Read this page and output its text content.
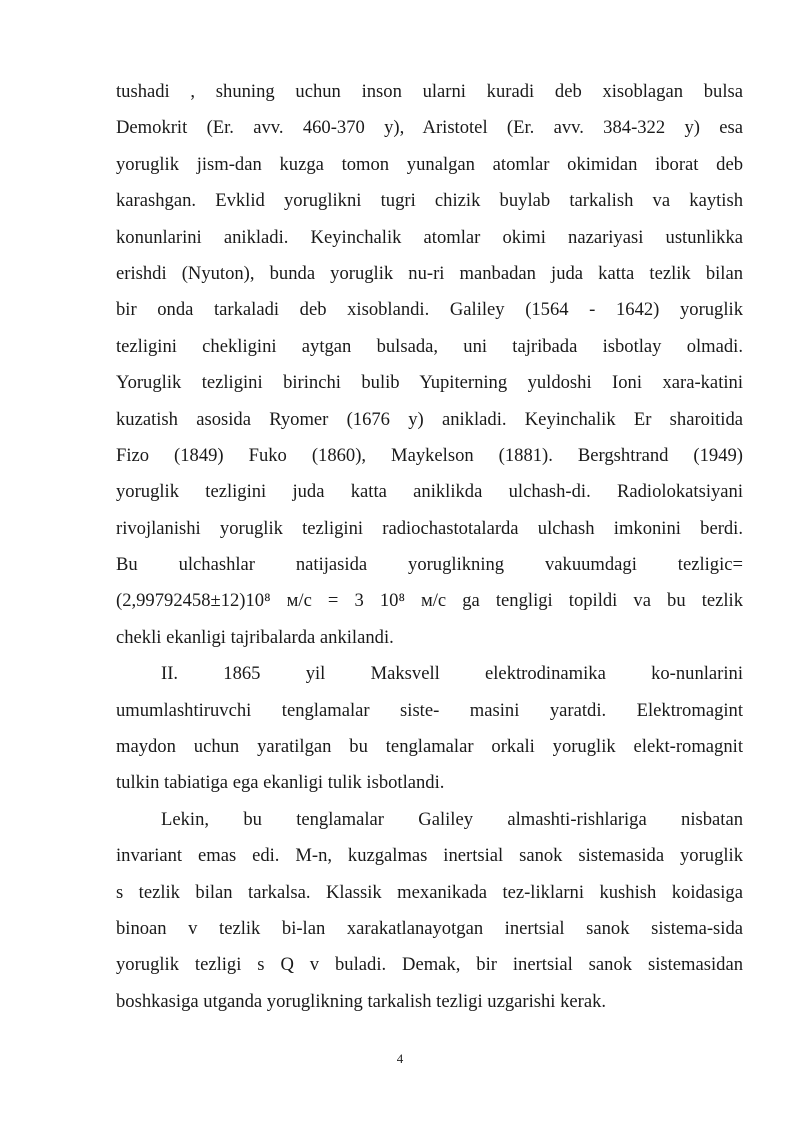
tushadi , shuning uchun inson ularni kuradi deb xisoblagan bulsa
Demokrit (Er. avv. 460-370 y), Aristotel (Er. avv. 384-322 y) esa
yoruglik jism-dan kuzga tomon yunalgan atomlar okimidan iborat deb
karashgan. Evklid yoruglikni tugri chizik buylab tarkalish va kaytish
konunlarini anikladi. Keyinchalik atomlar okimi nazariyasi ustunlikka
erishdi (Nyuton), bunda yoruglik nu-ri manbadan juda katta tezlik bilan
bir onda tarkaladi deb xisoblandi. Galiley (1564 - 1642) yoruglik
tezligini chekligini aytgan bulsada, uni tajribada isbotlay olmadi.
Yoruglik tezligini birinchi bulib Yupiterning yuldoshi Ioni xara-katini
kuzatish asosida Ryomer (1676 y) anikladi. Keyinchalik Er sharoitida
Fizo (1849) Fuko (1860), Maykelson (1881). Bergshtrand (1949)
yoruglik tezligini juda katta aniklikda ulchash-di. Radiolokatsiyani
rivojlanishi yoruglik tezligini radiochastotalarda ulchash imkonini berdi.
Bu ulchashlar natijasida yoruglikning vakuumdagi tezligic=
(2,99792458±12)10⁸ м/с = 3 10⁸ м/с ga tengligi topildi va bu tezlik
chekli ekanligi tajribalarda ankilandi.

II. 1865 yil Maksvell elektrodinamika ko-nunlarini
umumlashtiruvchi tenglamalar siste- masini yaratdi. Elektromagint
maydon uchun yaratilgan bu tenglamalar orkali yoruglik elekt-romagnit
tulkin tabiatiga ega ekanligi tulik isbotlandi.

Lekin, bu tenglamalar Galiley almashti-rishlariga nisbatan
invariant emas edi. M-n, kuzgalmas inertsial sanok sistemasida yoruglik
s tezlik bilan tarkalsa. Klassik mexanikada tez-liklarni kushish koidasiga
binoan v tezlik bi-lan xarakatlanayotgan inertsial sanok sistema-sida
yoruglik tezligi s Q v buladi. Demak, bir inertsial sanok sistemasidan
boshkasiga utganda yoruglikning tarkalish tezligi uzgarishi kerak.

4
